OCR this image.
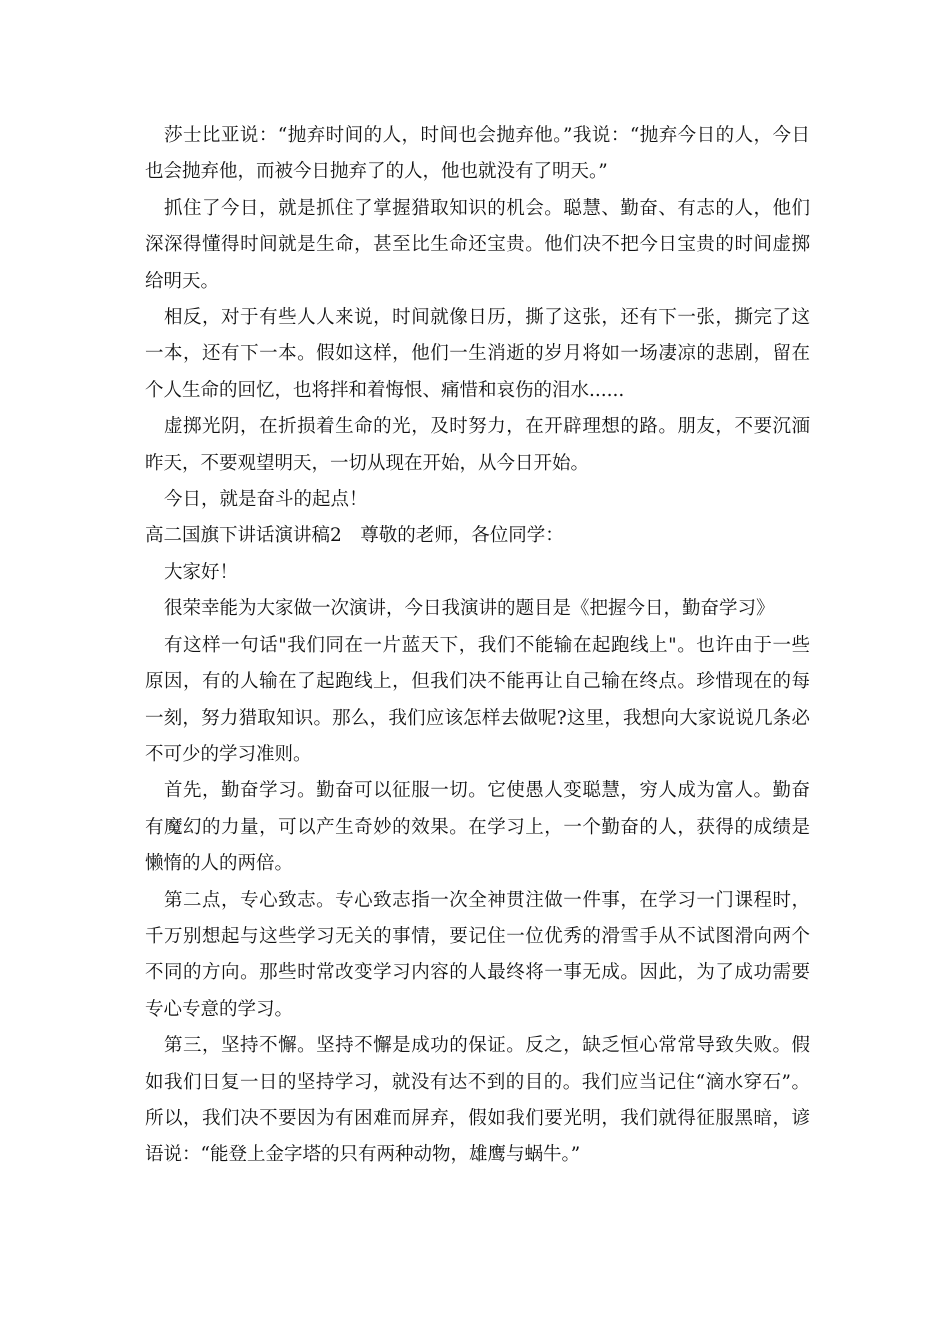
莎士比亚说：“抛弃时间的人，时间也会抛弃他。”我说：“抛弃今日的人，今日也会抛弃他，而被今日抛弃了的人，他也就没有了明天。”

抓住了今日，就是抓住了掌握猎取知识的机会。聪慧、勤奋、有志的人，他们深深得懂得时间就是生命，甚至比生命还宝贵。他们决不把今日宝贵的时间虚掷给明天。

相反，对于有些人人来说，时间就像日历，撕了这张，还有下一张，撕完了这一本，还有下一本。假如这样，他们一生消逝的岁月将如一场凄凉的悲剧，留在个人生命的回忆，也将拌和着悔恨、痛惜和哀伤的泪水......

虚掷光阴，在折损着生命的光，及时努力，在开辟理想的路。朋友，不要沉湎昨天，不要观望明天，一切从现在开始，从今日开始。

今日，就是奋斗的起点！

高二国旗下讲话演讲稿2　尊敬的老师，各位同学：

大家好！

很荣幸能为大家做一次演讲，今日我演讲的题目是《把握今日，勤奋学习》

有这样一句话"我们同在一片蓝天下，我们不能输在起跑线上"。也许由于一些原因，有的人输在了起跑线上，但我们决不能再让自己输在终点。珍惜现在的每一刻，努力猎取知识。那么，我们应该怎样去做呢?这里，我想向大家说说几条必不可少的学习准则。

首先，勤奋学习。勤奋可以征服一切。它使愚人变聪慧，穷人成为富人。勤奋有魔幻的力量，可以产生奇妙的效果。在学习上，一个勤奋的人，获得的成绩是懒惰的人的两倍。

第二点，专心致志。专心致志指一次全神贯注做一件事，在学习一门课程时，千万别想起与这些学习无关的事情，要记住一位优秀的滑雪手从不试图滑向两个不同的方向。那些时常改变学习内容的人最终将一事无成。因此，为了成功需要专心专意的学习。

第三，坚持不懈。坚持不懈是成功的保证。反之，缺乏恒心常常导致失败。假如我们日复一日的坚持学习，就没有达不到的目的。我们应当记住“滴水穿石”。所以，我们决不要因为有困难而屏弃，假如我们要光明，我们就得征服黑暗，谚语说：“能登上金字塔的只有两种动物，雄鹰与蜗牛。”
